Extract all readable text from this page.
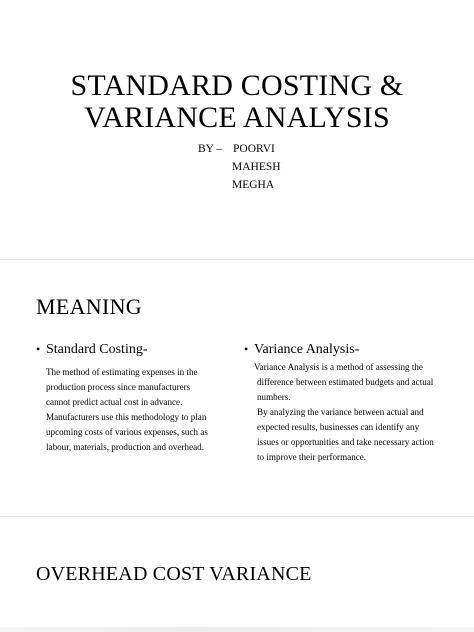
STANDARD COSTING &
VARIANCE ANALYSIS
BY – POORVI
MAHESH
MEGHA
MEANING
• Standard Costing-
The method of estimating expenses in the
production process since manufacturers
cannot predict actual cost in advance.
Manufacturers use this methodology to plan
upcoming costs of various expenses, such as
labour, materials, production and overhead.
• Variance Analysis-
Variance Analysis is a method of assessing the
difference between estimated budgets and actual
numbers.
By analyzing the variance between actual and
expected results, businesses can identify any
issues or opportunities and take necessary action
to improve their performance.
OVERHEAD COST VARIANCE
